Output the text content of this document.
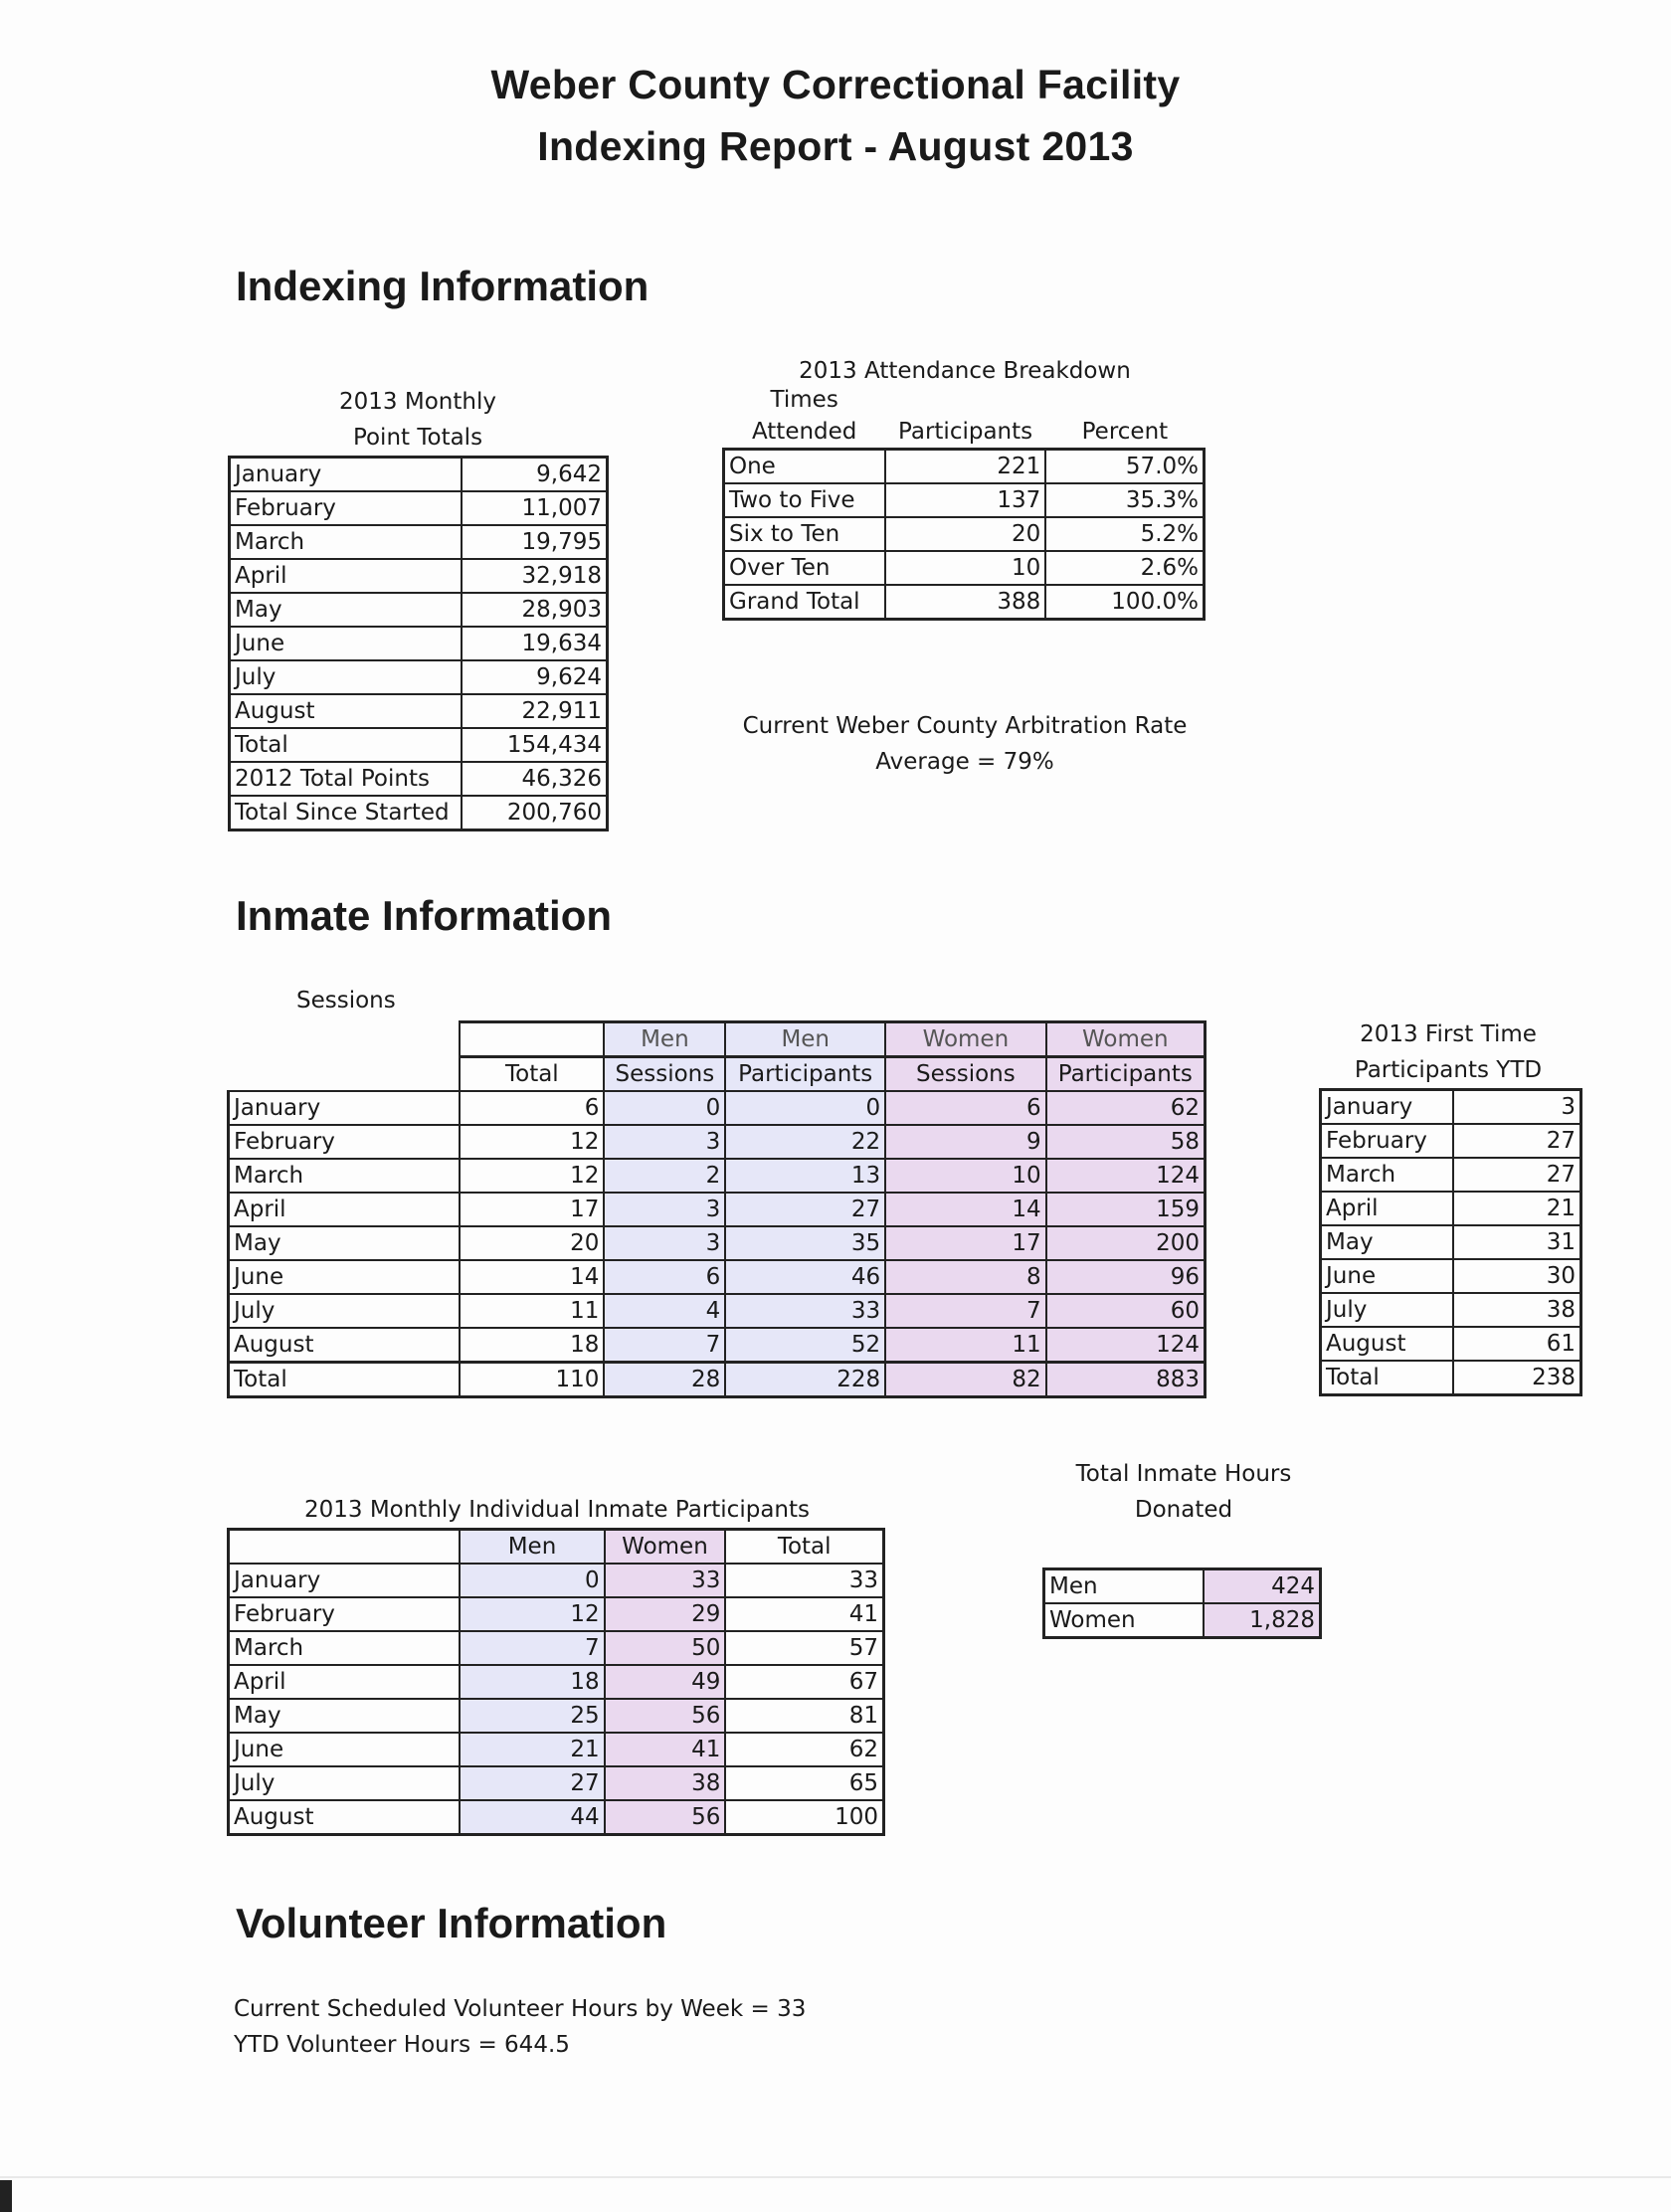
Weber County Correctional Facility
Indexing Report - August 2013
Indexing Information
2013 Monthly
Point Totals
January	9,642
February	11,007
March	19,795
April	32,918
May	28,903
June	19,634
July	9,624
August	22,911
Total	154,434
2012 Total Points	46,326
Total Since Started	200,760
2013 Attendance Breakdown
Times		
Attended	Participants	Percent
One	221	57.0%
Two to Five	137	35.3%
Six to Ten	20	5.2%
Over Ten	10	2.6%
Grand Total	388	100.0%
Current Weber County Arbitration Rate
Average = 79%
Inmate Information
Sessions
		Men	Men	Women	Women
	Total	Sessions	Participants	Sessions	Participants
January	6	0	0	6	62
February	12	3	22	9	58
March	12	2	13	10	124
April	17	3	27	14	159
May	20	3	35	17	200
June	14	6	46	8	96
July	11	4	33	7	60
August	18	7	52	11	124
Total	110	28	228	82	883
2013 First Time
Participants YTD
January	3
February	27
March	27
April	21
May	31
June	30
July	38
August	61
Total	238
Total Inmate Hours
Donated
Men	424
Women	1,828
2013 Monthly Individual Inmate Participants
	Men	Women	Total
January	0	33	33
February	12	29	41
March	7	50	57
April	18	49	67
May	25	56	81
June	21	41	62
July	27	38	65
August	44	56	100
Volunteer Information
Current Scheduled Volunteer Hours by Week = 33
YTD Volunteer Hours = 644.5
